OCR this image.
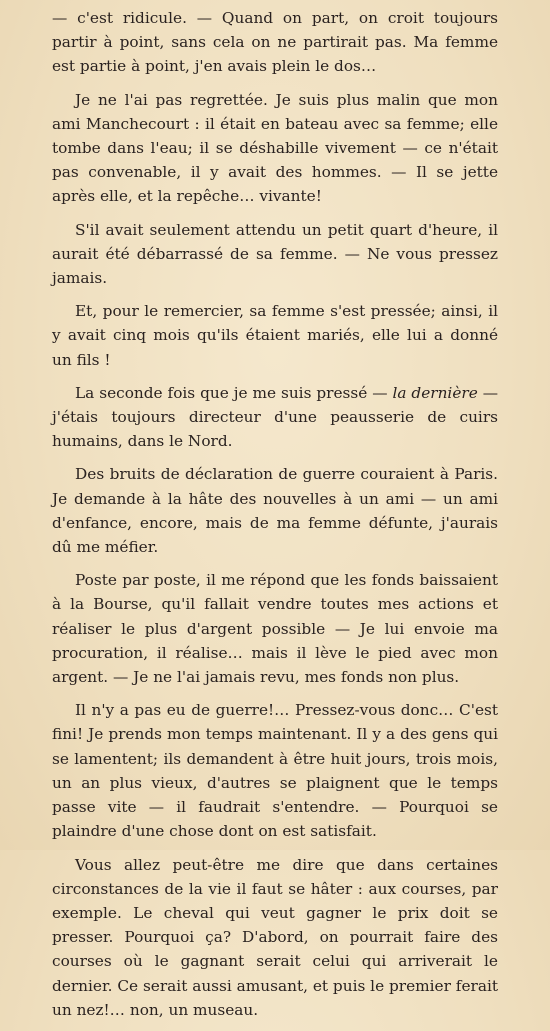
— c'est ridicule. — Quand on part, on croit toujours partir à point, sans cela on ne partirait pas. Ma femme est partie à point, j'en avais plein le dos…

Je ne l'ai pas regrettée. Je suis plus malin que mon ami Manchecourt : il était en bateau avec sa femme; elle tombe dans l'eau; il se déshabille vivement — ce n'était pas convenable, il y avait des hommes. — Il se jette après elle, et la repêche… vivante!

S'il avait seulement attendu un petit quart d'heure, il aurait été débarrassé de sa femme. — Ne vous pressez jamais.

Et, pour le remercier, sa femme s'est pressée; ainsi, il y avait cinq mois qu'ils étaient mariés, elle lui a donné un fils !

La seconde fois que je me suis pressé — la dernière — j'étais toujours directeur d'une peausserie de cuirs humains, dans le Nord.

Des bruits de déclaration de guerre couraient à Paris. Je demande à la hâte des nouvelles à un ami — un ami d'enfance, encore, mais de ma femme défunte, j'aurais dû me méfier.

Poste par poste, il me répond que les fonds baissaient à la Bourse, qu'il fallait vendre toutes mes actions et réaliser le plus d'argent possible — Je lui envoie ma procuration, il réalise… mais il lève le pied avec mon argent. — Je ne l'ai jamais revu, mes fonds non plus.

Il n'y a pas eu de guerre!… Pressez-vous donc… C'est fini! Je prends mon temps maintenant. Il y a des gens qui se lamentent; ils demandent à être huit jours, trois mois, un an plus vieux, d'autres se plaignent que le temps passe vite — il faudrait s'entendre. — Pourquoi se plaindre d'une chose dont on est satisfait.

Vous allez peut-être me dire que dans certaines circonstances de la vie il faut se hâter : aux courses, par exemple. Le cheval qui veut gagner le prix doit se presser. Pourquoi ça? D'abord, on pourrait faire des courses où le gagnant serait celui qui arriverait le dernier. Ce serait aussi amusant, et puis le premier ferait un nez!… non, un museau.
